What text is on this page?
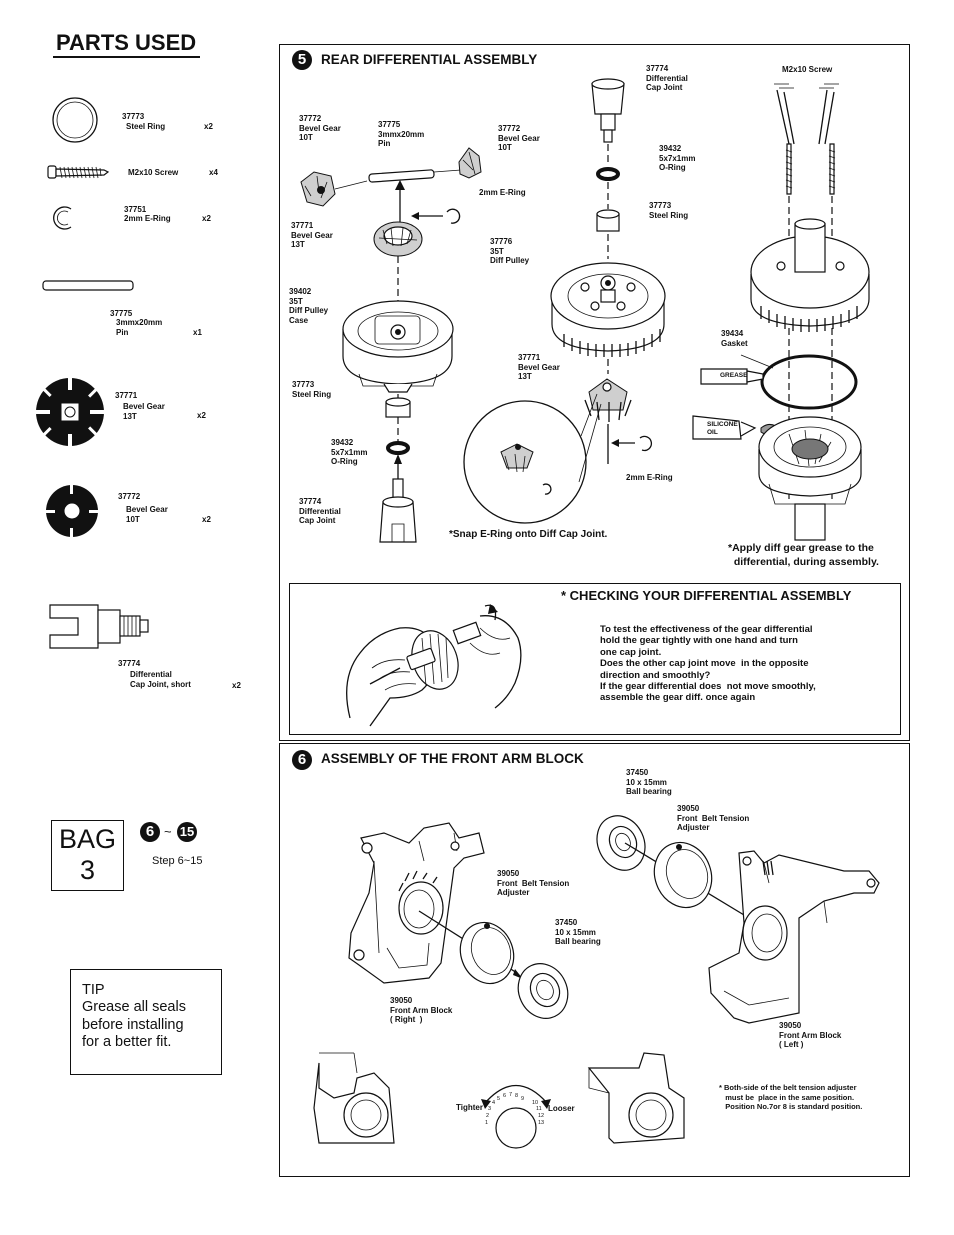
PARTS USED
37773
Steel Ring	x2
M2x10 Screw	x4
37751
2mm E-Ring	x2
37775
3mmx20mm
Pin	x1
37771
Bevel Gear
13T	x2
37772
Bevel Gear
10T	x2
37774
Differential
Cap Joint, short	x2
BAG
3
6 ~ 15
Step 6~15
TIP
Grease all seals
before installing
for a better fit.
5	REAR DIFFERENTIAL ASSEMBLY
37772
Bevel Gear
10T
37775
3mmx20mm
Pin
37772
Bevel Gear
10T
2mm E-Ring
37771
Bevel Gear
13T
39402
35T
Diff Pulley
Case
37773
Steel Ring
39432
5x7x1mm
O-Ring
37774
Differential
Cap Joint
37774
Differential
Cap Joint
39432
5x7x1mm
O-Ring
37773
Steel Ring
37776
35T
Diff Pulley
37771
Bevel Gear
13T
2mm E-Ring
M2x10 Screw
39434
Gasket
GREASE
SILICONE
OIL
*Snap E-Ring onto Diff Cap Joint.
*Apply diff gear grease to the
differential, during assembly.
* CHECKING YOUR DIFFERENTIAL ASSEMBLY
To test the effectiveness of the gear differential
hold the gear tightly with one hand and turn
one cap joint.
Does the other cap joint move  in the opposite
direction and smoothly?
If the gear differential does  not move smoothly,
assemble the gear diff. once again
6	ASSEMBLY OF THE FRONT ARM BLOCK
37450
10 x 15mm
Ball bearing
39050
Front  Belt Tension
Adjuster
39050
Front  Belt Tension
Adjuster
37450
10 x 15mm
Ball bearing
39050
Front Arm Block
( Right  )
39050
Front Arm Block
( Left )
Tighter	Looser
1
2
3
4
5 6 7 8 9
10
11
12
13
* Both-side of the belt tension adjuster
must be  place in the same position.
Position No.7or 8 is standard position.
